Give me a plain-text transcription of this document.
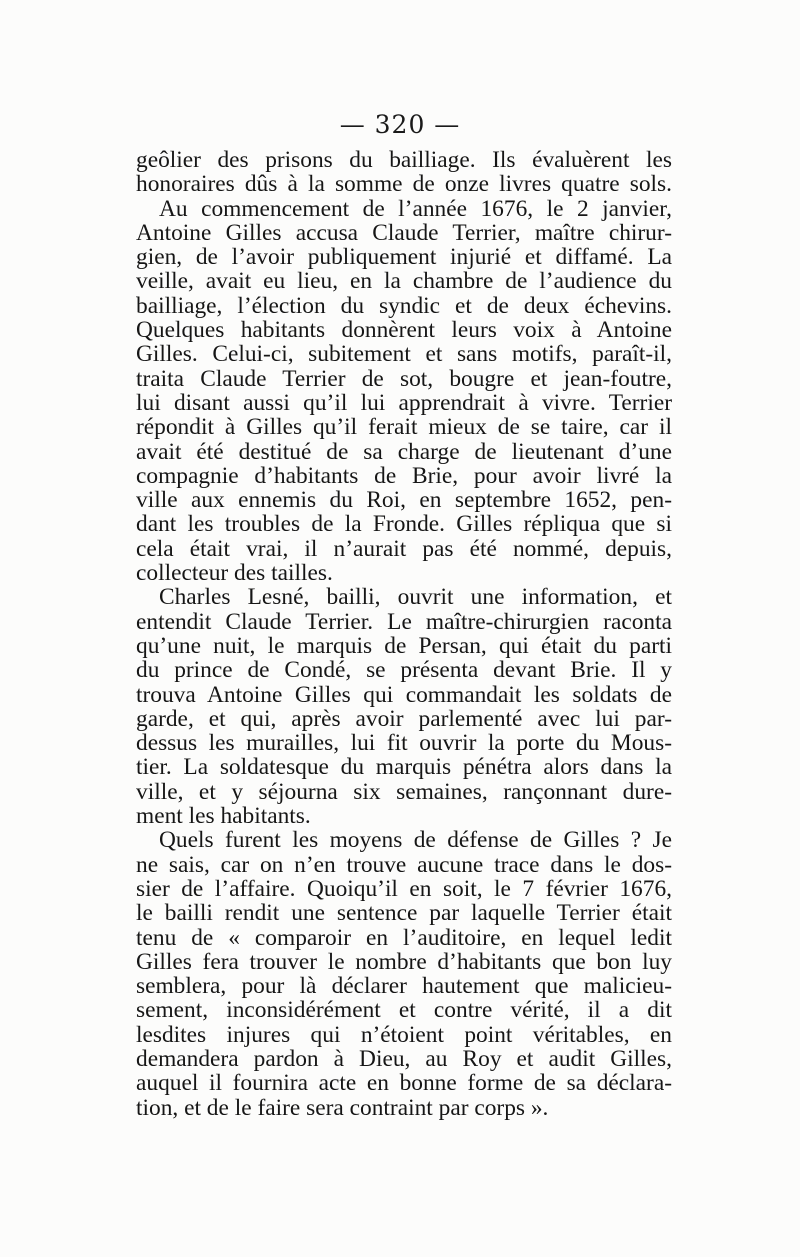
— 320 —
geôlier des prisons du bailliage. Ils évaluèrent les
honoraires dûs à la somme de onze livres quatre sols.
Au commencement de l’année 1676, le 2 janvier,
Antoine Gilles accusa Claude Terrier, maître chirur-
gien, de l’avoir publiquement injurié et diffamé. La
veille, avait eu lieu, en la chambre de l’audience du
bailliage, l’élection du syndic et de deux échevins.
Quelques habitants donnèrent leurs voix à Antoine
Gilles. Celui-ci, subitement et sans motifs, paraît-il,
traita Claude Terrier de sot, bougre et jean-foutre,
lui disant aussi qu’il lui apprendrait à vivre. Terrier
répondit à Gilles qu’il ferait mieux de se taire, car il
avait été destitué de sa charge de lieutenant d’une
compagnie d’habitants de Brie, pour avoir livré la
ville aux ennemis du Roi, en septembre 1652, pen-
dant les troubles de la Fronde. Gilles répliqua que si
cela était vrai, il n’aurait pas été nommé, depuis,
collecteur des tailles.
Charles Lesné, bailli, ouvrit une information, et
entendit Claude Terrier. Le maître-chirurgien raconta
qu’une nuit, le marquis de Persan, qui était du parti
du prince de Condé, se présenta devant Brie. Il y
trouva Antoine Gilles qui commandait les soldats de
garde, et qui, après avoir parlementé avec lui par-
dessus les murailles, lui fit ouvrir la porte du Mous-
tier. La soldatesque du marquis pénétra alors dans la
ville, et y séjourna six semaines, rançonnant dure-
ment les habitants.
Quels furent les moyens de défense de Gilles ? Je
ne sais, car on n’en trouve aucune trace dans le dos-
sier de l’affaire. Quoiqu’il en soit, le 7 février 1676,
le bailli rendit une sentence par laquelle Terrier était
tenu de « comparoir en l’auditoire, en lequel ledit
Gilles fera trouver le nombre d’habitants que bon luy
semblera, pour là déclarer hautement que malicieu-
sement, inconsidérément et contre vérité, il a dit
lesdites injures qui n’étoient point véritables, en
demandera pardon à Dieu, au Roy et audit Gilles,
auquel il fournira acte en bonne forme de sa déclara-
tion, et de le faire sera contraint par corps ».
